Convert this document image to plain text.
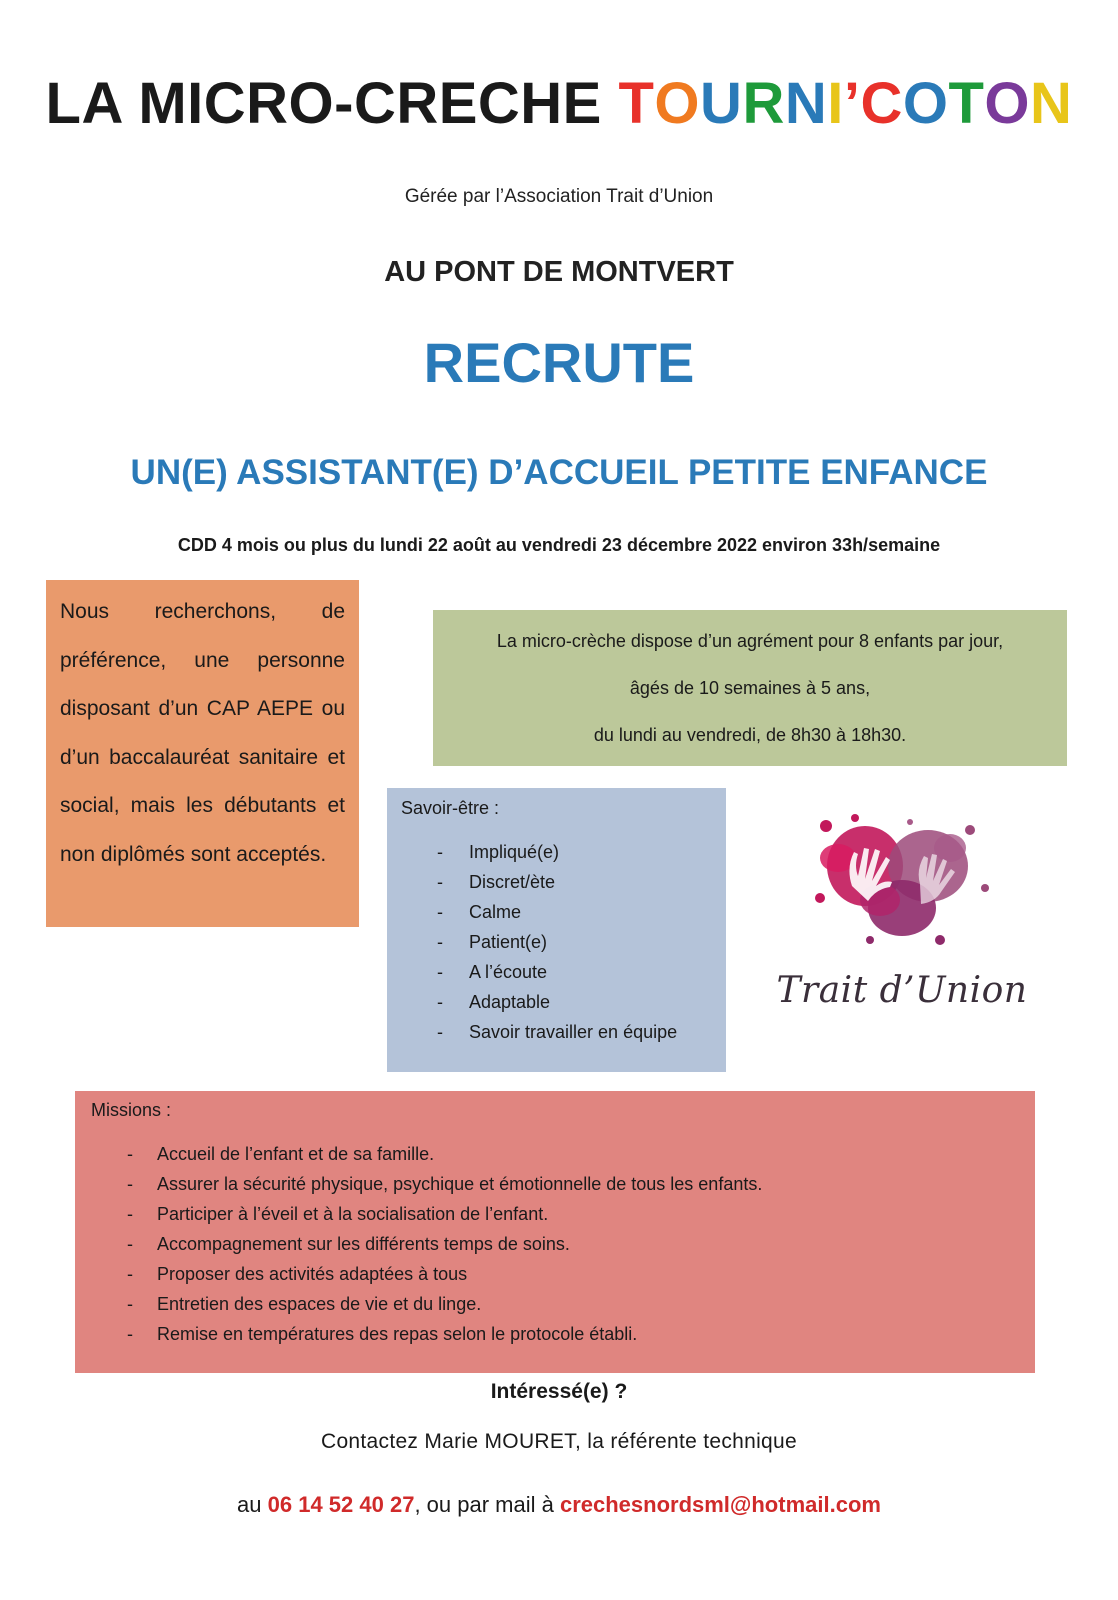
LA MICRO-CRECHE TOURNI’COTON
Gérée par l’Association Trait d’Union
AU PONT DE MONTVERT
RECRUTE
UN(E) ASSISTANT(E) D’ACCUEIL PETITE ENFANCE
CDD 4 mois ou plus du lundi 22 août au vendredi 23 décembre 2022 environ 33h/semaine
Nous recherchons, de préférence, une personne disposant d’un CAP AEPE ou d’un baccalauréat sanitaire et social, mais les débutants et non diplômés sont acceptés.
La micro-crèche dispose d’un agrément pour 8 enfants par jour,
âgés de 10 semaines à 5 ans,
du lundi au vendredi, de 8h30 à 18h30.
Savoir-être :
- Impliqué(e)
- Discret/ète
- Calme
- Patient(e)
- A l’écoute
- Adaptable
- Savoir travailler en équipe
Trait d’Union
Missions :
- Accueil de l’enfant et de sa famille.
- Assurer la sécurité physique, psychique et émotionnelle de tous les enfants.
- Participer à l’éveil et à la socialisation de l’enfant.
- Accompagnement sur les différents temps de soins.
- Proposer des activités adaptées à tous
- Entretien des espaces de vie et du linge.
- Remise en températures des repas selon le protocole établi.
Intéressé(e) ?
Contactez Marie MOURET, la référente technique
au 06 14 52 40 27, ou par mail à crechesnordsml@hotmail.com
